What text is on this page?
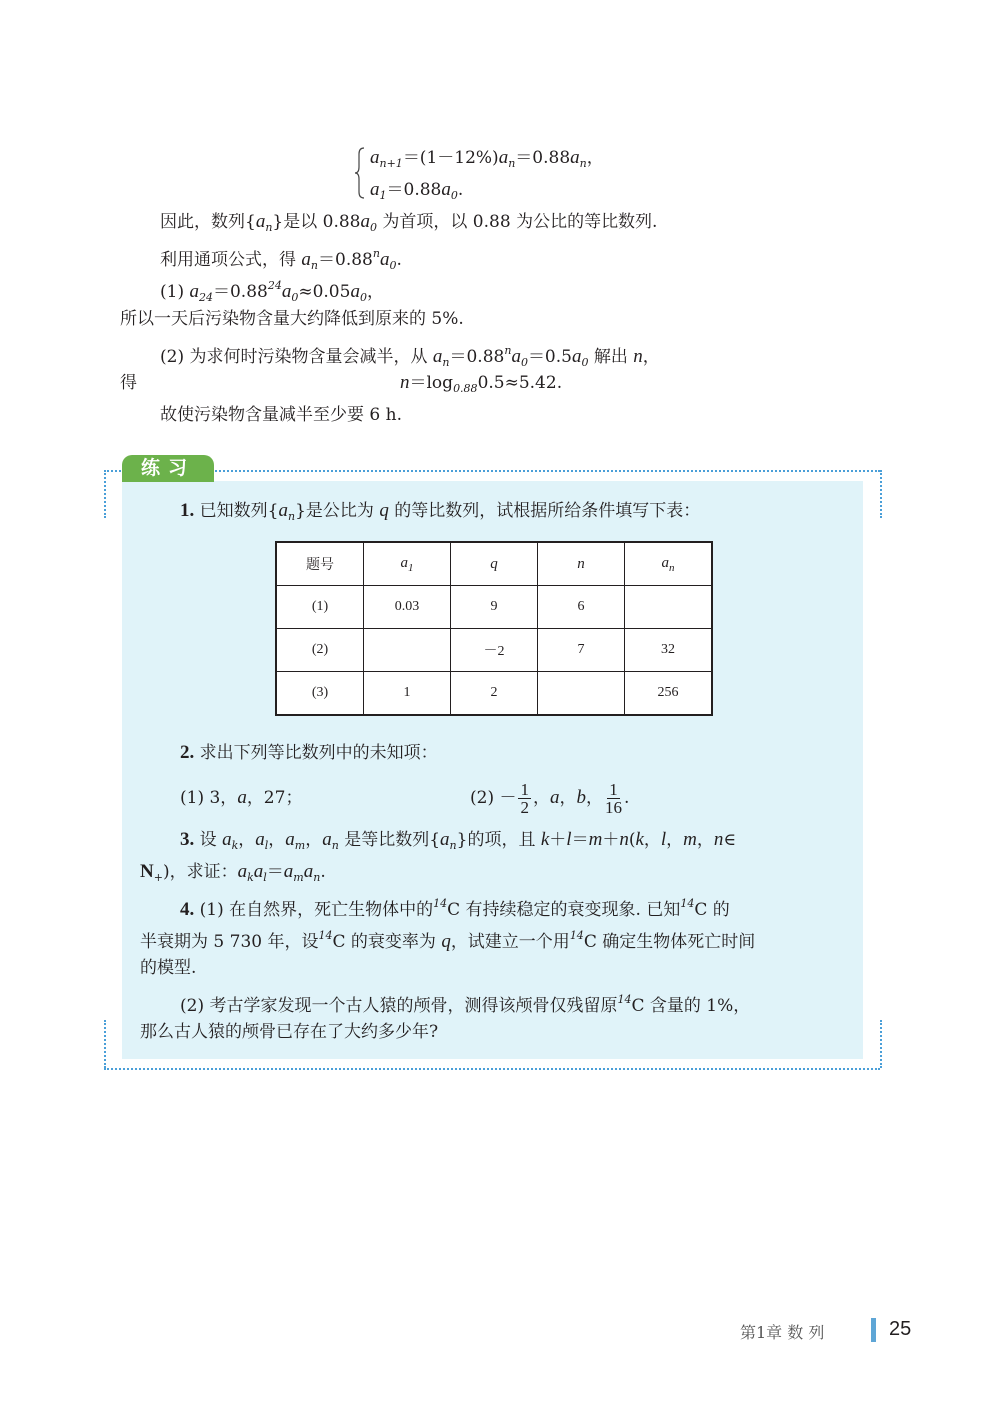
$a_{n+1}=(1-12\%)a_n=0.88a_n$，
$a_1=0.88a_0$.
因此，数列$\{a_n\}$是以 $0.88a_0$ 为首项，以 0.88 为公比的等比数列.
利用通项公式，得 $a_n=0.88^na_0$.
(1) $a_{24}=0.88^{24}a_0\approx 0.05a_0$，
所以一天后污染物含量大约降低到原来的 5%.
(2) 为求何时污染物含量会减半，从 $a_n=0.88^na_0=0.5a_0$ 解出 n，
得	$n=\log_{0.88}0.5\approx 5.42$.
故使污染物含量减半至少要 6 h.
练习
1. 已知数列$\{a_n\}$是公比为 q 的等比数列，试根据所给条件填写下表：
题号	$a_1$	q	n	$a_n$
(1)	0.03	9	6	
(2)		－2	7	32
(3)	1	2		256
2. 求出下列等比数列中的未知项：
(1) 3，a，27；	$(2) - \frac{1}{2}$ ，a，b， $\frac{1}{16}$ .
3. 设 $a_k$，$a_l$，$a_m$，$a_n$ 是等比数列$\{a_n\}$的项，且 k＋l＝m＋n(k，l，m，n∈
$N_+$)，求证：$a_ka_l=a_ma_n$.
4. (1) 在自然界，死亡生物体中的$^{14}$C 有持续稳定的衰变现象. 已知$^{14}$C 的
半衰期为 5 730 年，设$^{14}$C 的衰变率为 q，试建立一个用$^{14}$C 确定生物体死亡时间
的模型.
(2) 考古学家发现一个古人猿的颅骨，测得该颅骨仅残留原$^{14}$C 含量的 1%，
那么古人猿的颅骨已存在了大约多少年?
第1章 数 列	25
